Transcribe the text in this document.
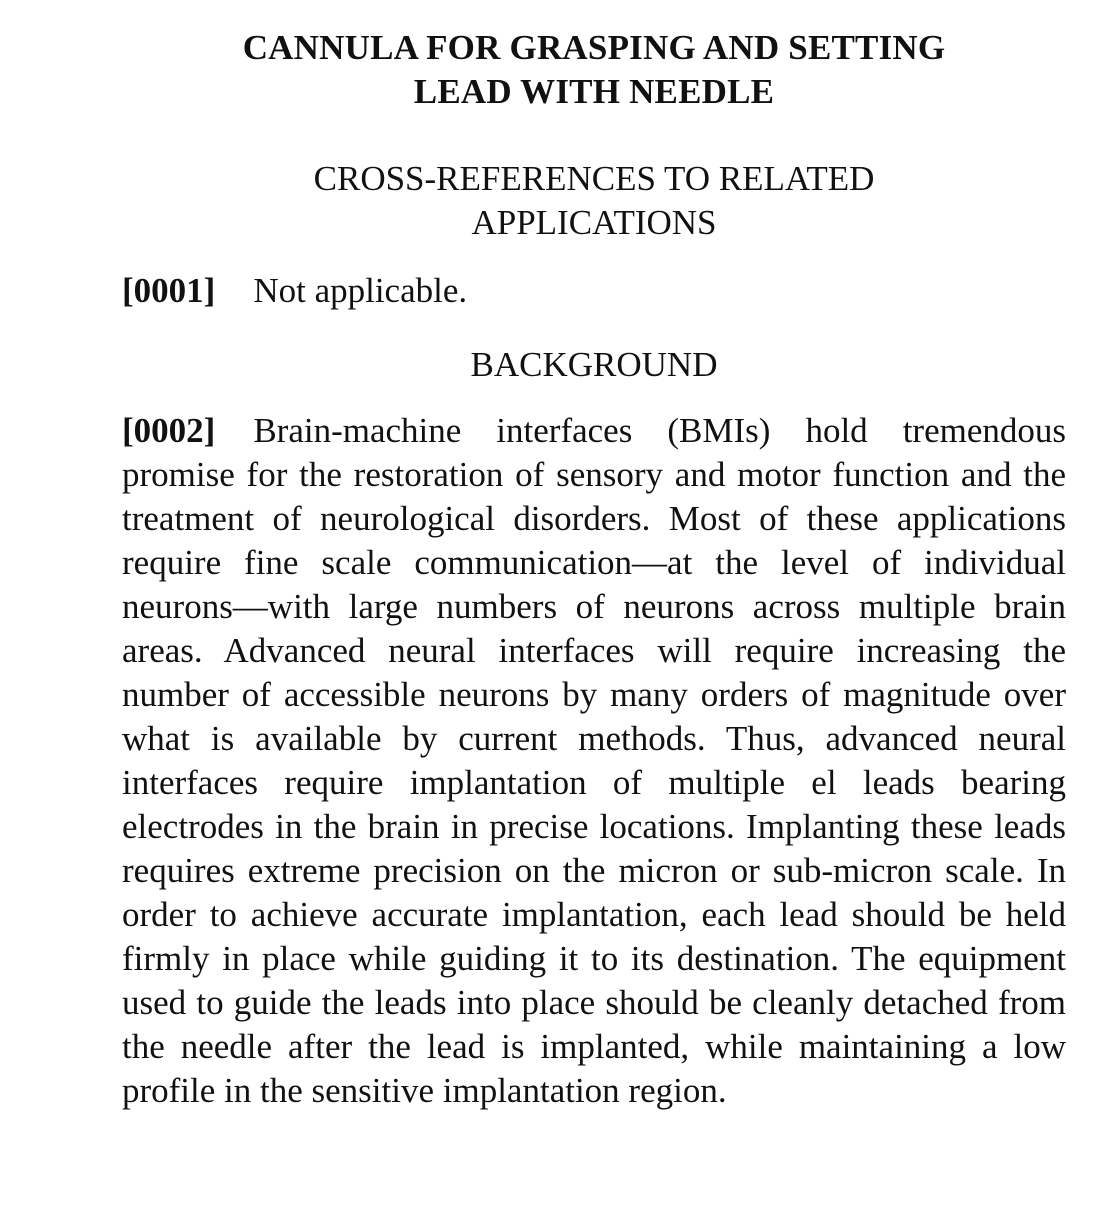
CANNULA FOR GRASPING AND SETTING
LEAD WITH NEEDLE
CROSS-REFERENCES TO RELATED
APPLICATIONS

[0001] Not applicable.

BACKGROUND

[0002] Brain-machine interfaces (BMIs) hold tremendous promise for the restoration of sensory and motor function and the treatment of neurological disorders. Most of these applications require fine scale communication—at the level of individual neurons—with large numbers of neurons across multiple brain areas. Advanced neural interfaces will require increasing the number of accessible neurons by many orders of magnitude over what is available by current methods. Thus, advanced neural interfaces require implantation of multiple el leads bearing electrodes in the brain in precise locations. Implanting these leads requires extreme precision on the micron or sub-micron scale. In order to achieve accurate implantation, each lead should be held firmly in place while guiding it to its destination. The equipment used to guide the leads into place should be cleanly detached from the needle after the lead is implanted, while maintaining a low profile in the sensitive implantation region.
